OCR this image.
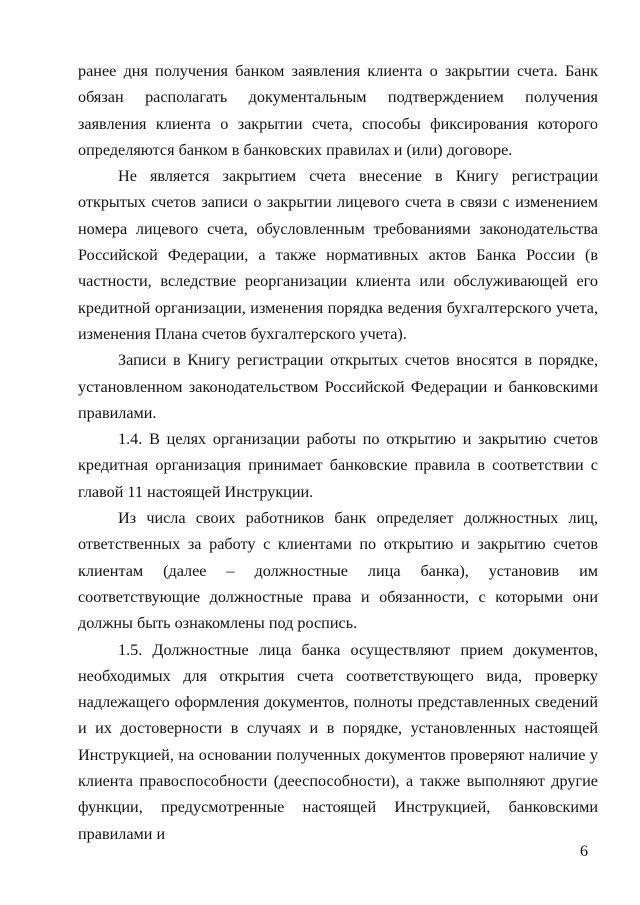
ранее дня получения банком заявления клиента о закрытии счета. Банк обязан располагать документальным подтверждением получения заявления клиента о закрытии счета, способы фиксирования которого определяются банком в банковских правилах и (или) договоре.

Не является закрытием счета внесение в Книгу регистрации открытых счетов записи о закрытии лицевого счета в связи с изменением номера лицевого счета, обусловленным требованиями законодательства Российской Федерации, а также нормативных актов Банка России (в частности, вследствие реорганизации клиента или обслуживающей его кредитной организации, изменения порядка ведения бухгалтерского учета, изменения Плана счетов бухгалтерского учета).

Записи в Книгу регистрации открытых счетов вносятся в порядке, установленном законодательством Российской Федерации и банковскими правилами.

1.4. В целях организации работы по открытию и закрытию счетов кредитная организация принимает банковские правила в соответствии с главой 11 настоящей Инструкции.

Из числа своих работников банк определяет должностных лиц, ответственных за работу с клиентами по открытию и закрытию счетов клиентам (далее – должностные лица банка), установив им соответствующие должностные права и обязанности, с которыми они должны быть ознакомлены под роспись.

1.5. Должностные лица банка осуществляют прием документов, необходимых для открытия счета соответствующего вида, проверку надлежащего оформления документов, полноты представленных сведений и их достоверности в случаях и в порядке, установленных настоящей Инструкцией, на основании полученных документов проверяют наличие у клиента правоспособности (дееспособности), а также выполняют другие функции, предусмотренные настоящей Инструкцией, банковскими правилами и

6
